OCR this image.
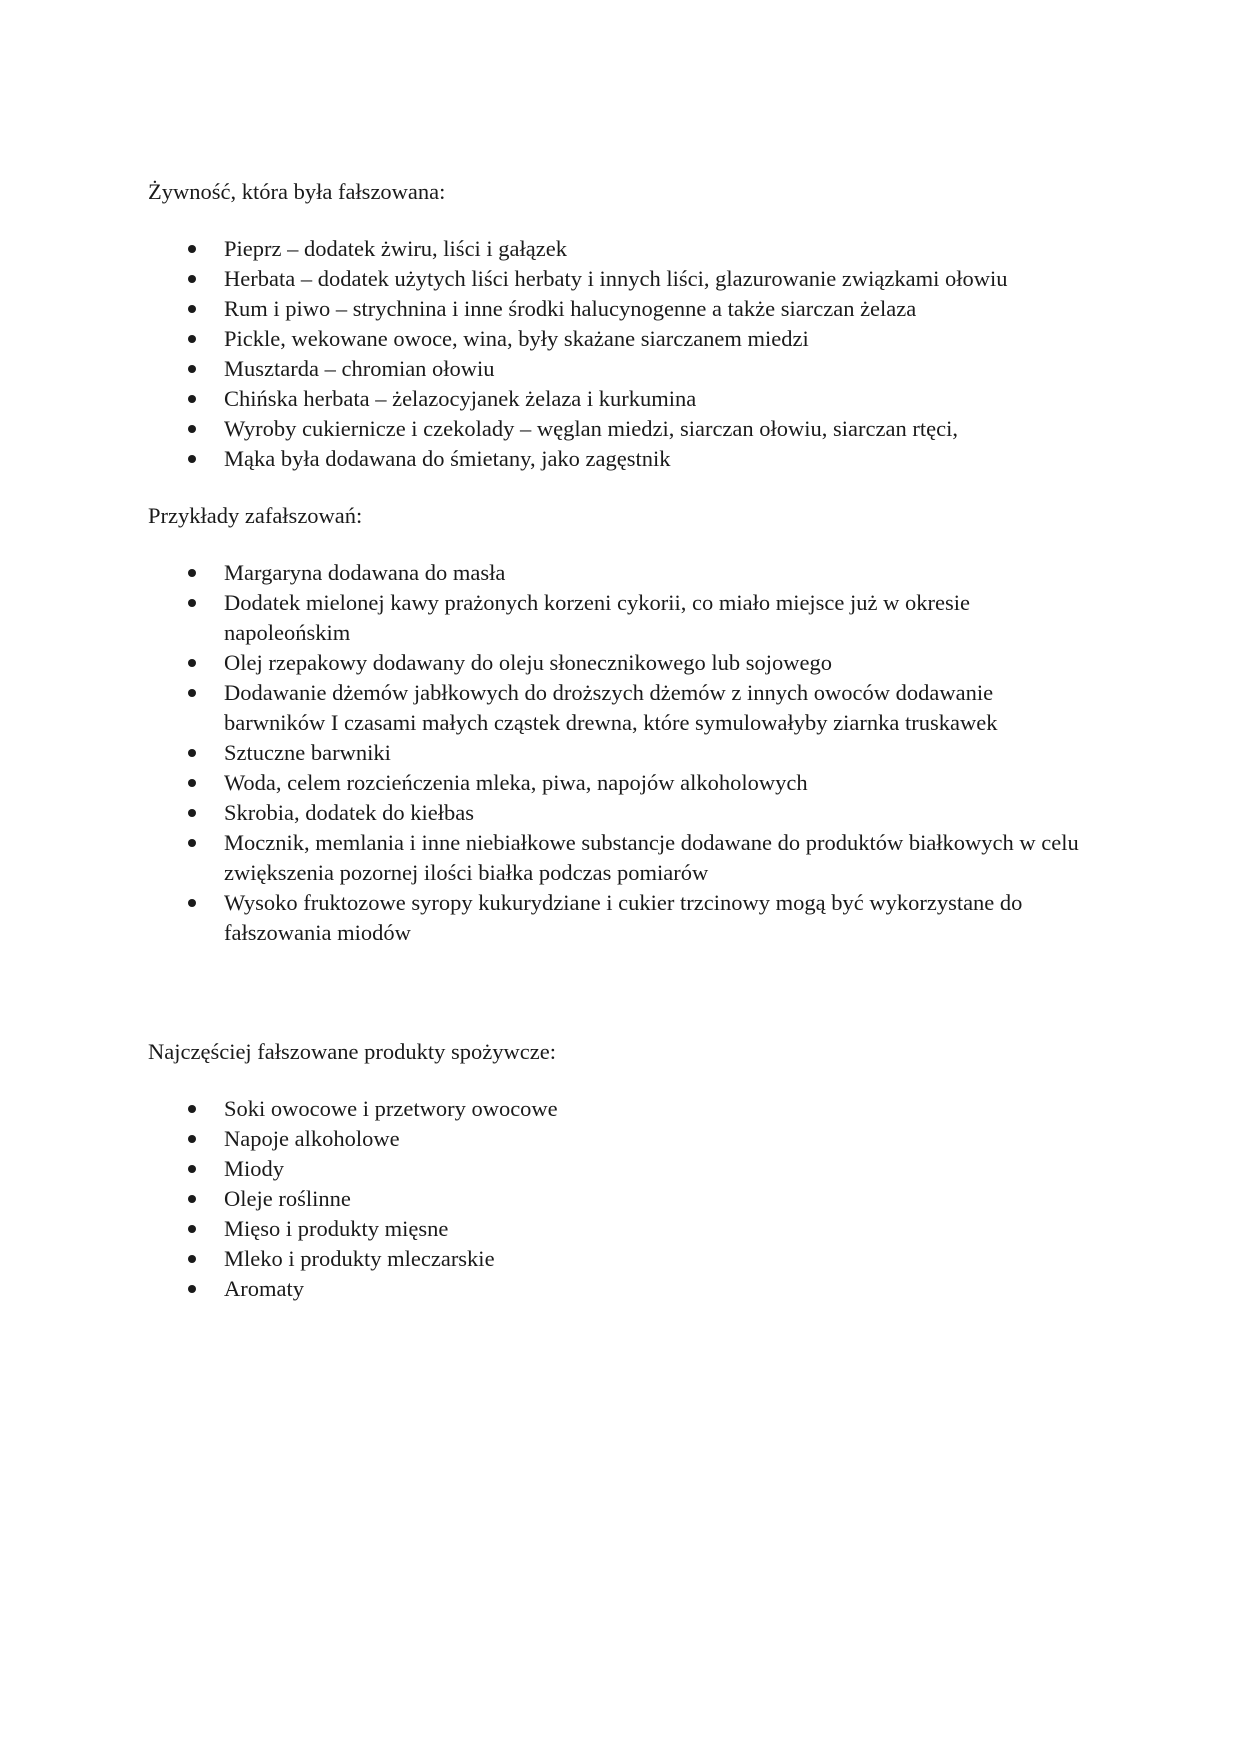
Żywność, która była fałszowana:

Pieprz – dodatek żwiru, liści i gałązek
Herbata – dodatek użytych liści herbaty i innych liści, glazurowanie związkami ołowiu
Rum i piwo – strychnina i inne środki halucynogenne a także siarczan żelaza
Pickle, wekowane owoce, wina, były skażane siarczanem miedzi
Musztarda – chromian ołowiu
Chińska herbata – żelazocyjanek żelaza i kurkumina
Wyroby cukiernicze i czekolady – węglan miedzi, siarczan ołowiu, siarczan rtęci,
Mąka była dodawana do śmietany, jako zagęstnik

Przykłady zafałszowań:

Margaryna dodawana do masła
Dodatek mielonej kawy prażonych korzeni cykorii, co miało miejsce już w okresie napoleońskim
Olej rzepakowy dodawany do oleju słonecznikowego lub sojowego
Dodawanie dżemów jabłkowych do droższych dżemów z innych owoców dodawanie barwników I czasami małych cząstek drewna, które symulowałyby ziarnka truskawek
Sztuczne barwniki
Woda, celem rozcieńczenia mleka, piwa, napojów alkoholowych
Skrobia, dodatek do kiełbas
Mocznik, memlania i inne niebiałkowe substancje dodawane do produktów białkowych w celu zwiększenia pozornej ilości białka podczas pomiarów
Wysoko fruktozowe syropy kukurydziane i cukier trzcinowy mogą być wykorzystane do fałszowania miodów

Najczęściej fałszowane produkty spożywcze:

Soki owocowe i przetwory owocowe
Napoje alkoholowe
Miody
Oleje roślinne
Mięso i produkty mięsne
Mleko i produkty mleczarskie
Aromaty
